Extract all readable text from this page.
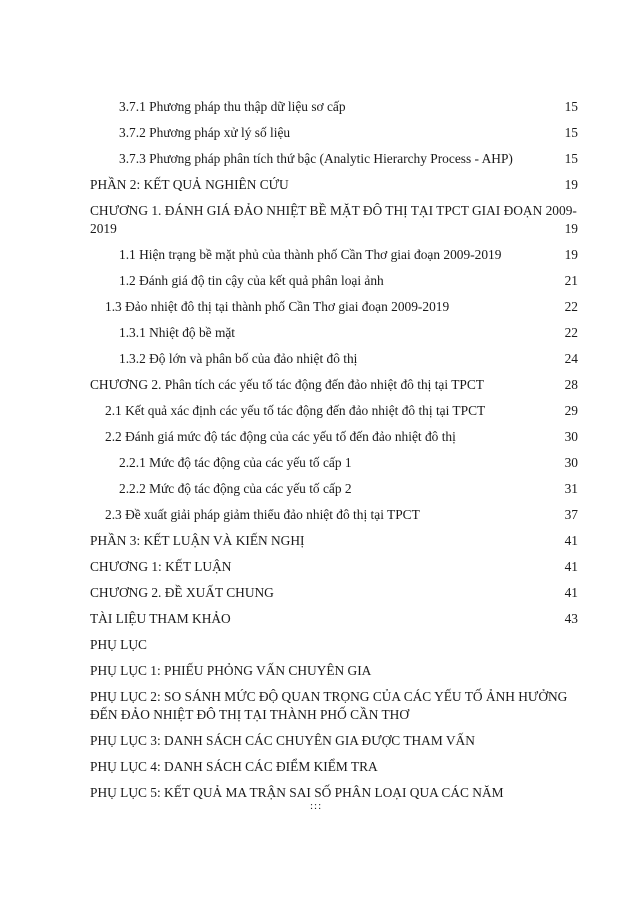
3.7.1 Phương pháp thu thập dữ liệu sơ cấp	15
3.7.2 Phương pháp xử lý số liệu	15
3.7.3 Phương pháp phân tích thứ bậc (Analytic Hierarchy Process - AHP)	15
PHẦN 2: KẾT QUẢ NGHIÊN CỨU	19
CHƯƠNG 1. ĐÁNH GIÁ ĐẢO NHIỆT BỀ MẶT ĐÔ THỊ TẠI TPCT GIAI ĐOẠN 2009-
2019	19
1.1 Hiện trạng bề mặt phủ của thành phố Cần Thơ giai đoạn 2009-2019	19
1.2 Đánh giá độ tin cậy của kết quả phân loại ảnh	21
1.3 Đảo nhiệt đô thị tại thành phố Cần Thơ giai đoạn 2009-2019	22
1.3.1 Nhiệt độ bề mặt	22
1.3.2 Độ lớn và phân bố của đảo nhiệt đô thị	24
CHƯƠNG 2. Phân tích các yếu tố tác động đến đảo nhiệt đô thị tại TPCT	28
2.1 Kết quả xác định các yếu tố tác động đến đảo nhiệt đô thị tại TPCT	29
2.2 Đánh giá mức độ tác động của các yếu tố đến đảo nhiệt đô thị	30
2.2.1 Mức độ tác động của các yếu tố cấp 1	30
2.2.2 Mức độ tác động của các yếu tố cấp 2	31
2.3 Đề xuất giải pháp giảm thiểu đảo nhiệt đô thị tại TPCT	37
PHẦN 3: KẾT LUẬN VÀ KIẾN NGHỊ	41
CHƯƠNG 1: KẾT LUẬN	41
CHƯƠNG 2. ĐỀ XUẤT CHUNG	41
TÀI LIỆU THAM KHẢO	43
PHỤ LỤC
PHỤ LỤC 1: PHIẾU PHỎNG VẤN CHUYÊN GIA
PHỤ LỤC 2: SO SÁNH MỨC ĐỘ QUAN TRỌNG CỦA CÁC YẾU TỐ ẢNH HƯỞNG
ĐẾN ĐẢO NHIỆT ĐÔ THỊ TẠI THÀNH PHỐ CẦN THƠ
PHỤ LỤC 3: DANH SÁCH CÁC CHUYÊN GIA ĐƯỢC THAM VẤN
PHỤ LỤC 4: DANH SÁCH CÁC ĐIỂM KIỂM TRA
PHỤ LỤC 5: KẾT QUẢ MA TRẬN SAI SỐ PHÂN LOẠI QUA CÁC NĂM
:::
